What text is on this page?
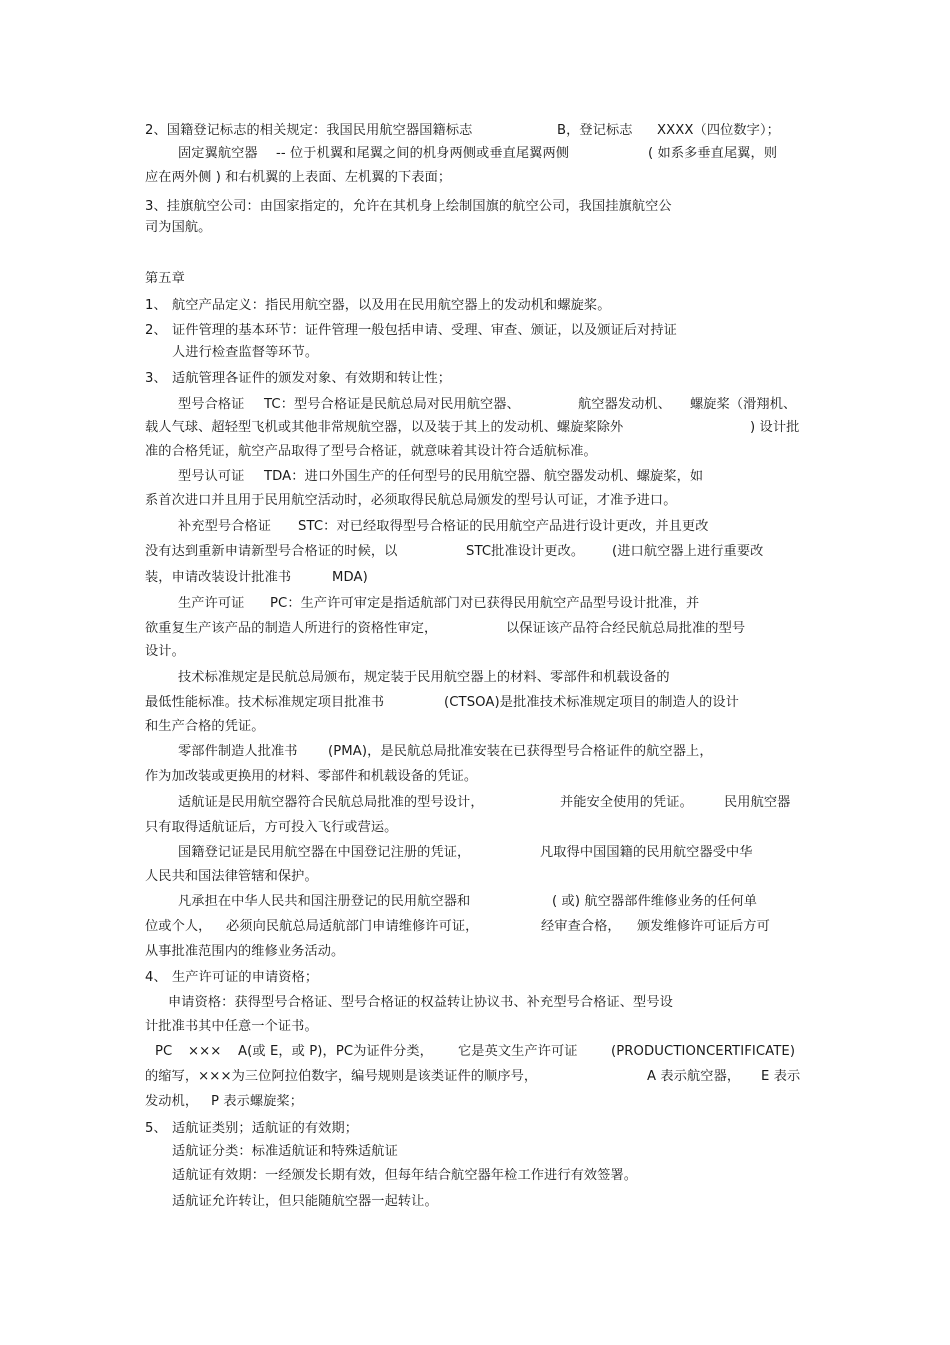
2、国籍登记标志的相关规定：我国民用航空器国籍标志	B，登记标志 XXXX（四位数字）；
固定翼航空器 -- 位于机翼和尾翼之间的机身两侧或垂直尾翼两侧	( 如系多垂直尾翼，则
应在两外侧 ) 和右机翼的上表面、左机翼的下表面；
3、挂旗航空公司：由国家指定的，允许在其机身上绘制国旗的航空公司，我国挂旗航空公
司为国航。
第五章
1、 航空产品定义：指民用航空器，以及用在民用航空器上的发动机和螺旋桨。
2、 证件管理的基本环节：证件管理一般包括申请、受理、审查、颁证，以及颁证后对持证
人进行检查监督等环节。
3、 适航管理各证件的颁发对象、有效期和转让性；
型号合格证 TC：型号合格证是民航总局对民用航空器、	航空器发动机、 螺旋桨（滑翔机、
载人气球、超轻型飞机或其他非常规航空器，以及装于其上的发动机、螺旋桨除外	) 设计批
准的合格凭证，航空产品取得了型号合格证，就意味着其设计符合适航标准。
型号认可证 TDA：进口外国生产的任何型号的民用航空器、航空器发动机、螺旋桨，如
系首次进口并且用于民用航空活动时，必须取得民航总局颁发的型号认可证，才准予进口。
补充型号合格证 STC：对已经取得型号合格证的民用航空产品进行设计更改，并且更改
没有达到重新申请新型号合格证的时候，以	STC批准设计更改。 (进口航空器上进行重要改
装，申请改装设计批准书	MDA)
生产许可证 PC：生产许可审定是指适航部门对已获得民用航空产品型号设计批准，并
欲重复生产该产品的制造人所进行的资格性审定，	以保证该产品符合经民航总局批准的型号
设计。
技术标准规定是民航总局颁布，规定装于民用航空器上的材料、零部件和机载设备的
最低性能标准。技术标准规定项目批准书	(CTSOA)是批准技术标准规定项目的制造人的设计
和生产合格的凭证。
零部件制造人批准书 (PMA)，是民航总局批准安装在已获得型号合格证件的航空器上，
作为加改装或更换用的材料、零部件和机载设备的凭证。
适航证是民用航空器符合民航总局批准的型号设计，	并能安全使用的凭证。 民用航空器
只有取得适航证后，方可投入飞行或营运。
国籍登记证是民用航空器在中国登记注册的凭证，	凡取得中国国籍的民用航空器受中华
人民共和国法律管辖和保护。
凡承担在中华人民共和国注册登记的民用航空器和	( 或) 航空器部件维修业务的任何单
位或个人， 必须向民航总局适航部门申请维修许可证，	经审查合格， 颁发维修许可证后方可
从事批准范围内的维修业务活动。
4、 生产许可证的申请资格；
申请资格：获得型号合格证、型号合格证的权益转让协议书、补充型号合格证、型号设
计批准书其中任意一个证书。
PC ××× A(或 E，或 P)，PC为证件分类， 它是英文生产许可证	(PRODUCTION CERTIFICATE)
的缩写，×××为三位阿拉伯数字，编号规则是该类证件的顺序号，	A 表示航空器， E 表示
发动机， P 表示螺旋桨；
5、 适航证类别；适航证的有效期；
适航证分类：标准适航证和特殊适航证
适航证有效期：一经颁发长期有效，但每年结合航空器年检工作进行有效签署。
适航证允许转让，但只能随航空器一起转让。
